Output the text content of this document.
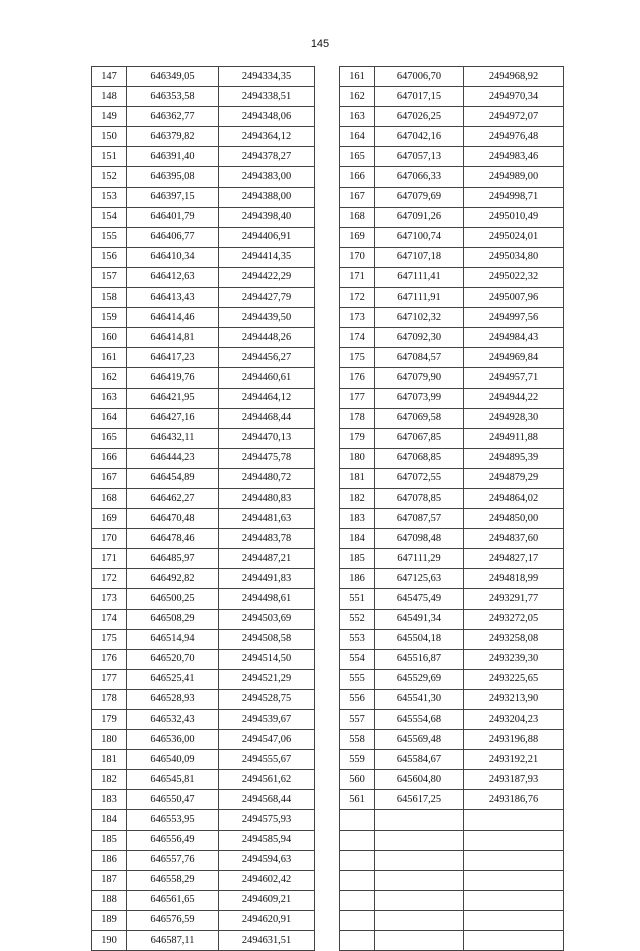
145
147	646349,05	2494334,35
148	646353,58	2494338,51
149	646362,77	2494348,06
150	646379,82	2494364,12
151	646391,40	2494378,27
152	646395,08	2494383,00
153	646397,15	2494388,00
154	646401,79	2494398,40
155	646406,77	2494406,91
156	646410,34	2494414,35
157	646412,63	2494422,29
158	646413,43	2494427,79
159	646414,46	2494439,50
160	646414,81	2494448,26
161	646417,23	2494456,27
162	646419,76	2494460,61
163	646421,95	2494464,12
164	646427,16	2494468,44
165	646432,11	2494470,13
166	646444,23	2494475,78
167	646454,89	2494480,72
168	646462,27	2494480,83
169	646470,48	2494481,63
170	646478,46	2494483,78
171	646485,97	2494487,21
172	646492,82	2494491,83
173	646500,25	2494498,61
174	646508,29	2494503,69
175	646514,94	2494508,58
176	646520,70	2494514,50
177	646525,41	2494521,29
178	646528,93	2494528,75
179	646532,43	2494539,67
180	646536,00	2494547,06
181	646540,09	2494555,67
182	646545,81	2494561,62
183	646550,47	2494568,44
184	646553,95	2494575,93
185	646556,49	2494585,94
186	646557,76	2494594,63
187	646558,29	2494602,42
188	646561,65	2494609,21
189	646576,59	2494620,91
190	646587,11	2494631,51
161	647006,70	2494968,92
162	647017,15	2494970,34
163	647026,25	2494972,07
164	647042,16	2494976,48
165	647057,13	2494983,46
166	647066,33	2494989,00
167	647079,69	2494998,71
168	647091,26	2495010,49
169	647100,74	2495024,01
170	647107,18	2495034,80
171	647111,41	2495022,32
172	647111,91	2495007,96
173	647102,32	2494997,56
174	647092,30	2494984,43
175	647084,57	2494969,84
176	647079,90	2494957,71
177	647073,99	2494944,22
178	647069,58	2494928,30
179	647067,85	2494911,88
180	647068,85	2494895,39
181	647072,55	2494879,29
182	647078,85	2494864,02
183	647087,57	2494850,00
184	647098,48	2494837,60
185	647111,29	2494827,17
186	647125,63	2494818,99
551	645475,49	2493291,77
552	645491,34	2493272,05
553	645504,18	2493258,08
554	645516,87	2493239,30
555	645529,69	2493225,65
556	645541,30	2493213,90
557	645554,68	2493204,23
558	645569,48	2493196,88
559	645584,67	2493192,21
560	645604,80	2493187,93
561	645617,25	2493186,76
